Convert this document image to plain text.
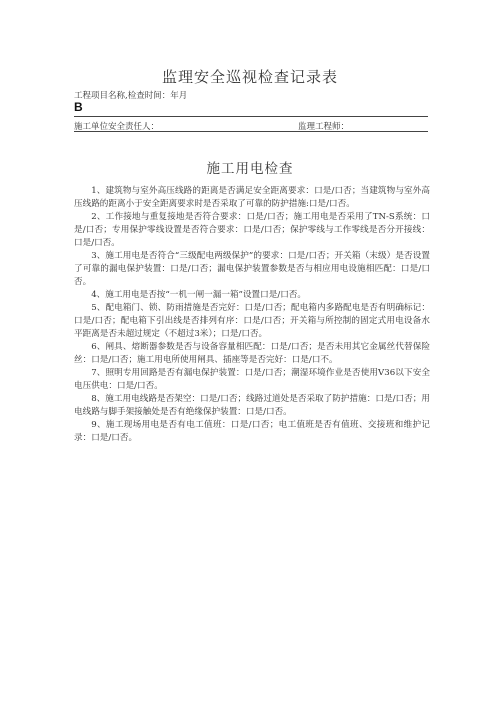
监理安全巡视检查记录表
工程项目名称,检查时间：年月
B
施工单位安全责任人：	监理工程师：
施工用电检查

1、建筑物与室外高压线路的距离是否满足安全距离要求：口是/口否；当建筑物与室外高压线路的距离小于安全距离要求时是否采取了可靠的防护措施:口是/口否。

2、工作接地与重复接地是否符合要求：口是/口否；施工用电是否采用了TN-S系统：口是/口否；专用保护零线设置是否符合要求：口是/口否；保护零线与工作零线是否分开接线：口是/口否。

3、施工用电是否符合“三级配电两级保护”的要求：口是/口否；开关箱（末级）是否设置了可靠的漏电保护装置：口是/口否；漏电保护装置参数是否与相应用电设施相匹配：口是/口否。

4、施工用电是否按“一机一闸一漏一箱”设置口是/口否。

5、配电箱门、锁、防雨措施是否完好：口是/口否；配电箱内多路配电是否有明确标记：口是/口否；配电箱下引出线是否排列有序：口是/口否；开关箱与所控制的固定式用电设备水平距离是否未超过规定（不超过3米）；口是/口否。

6、闸具、熔断器参数是否与设备容量相匹配：口是/口否；是否未用其它金属丝代替保险丝：口是/口否；施工用电所使用闸具、插座等是否完好：口是/口不。

7、照明专用回路是否有漏电保护装置：口是/口否；潮湿环境作业是否使用V36以下安全电压供电：口是/口否。

8、施工用电线路是否架空：口是/口否；线路过道处是否采取了防护措施：口是/口否；用电线路与脚手架接触处是否有绝缘保护装置：口是/口否。

9、施工现场用电是否有电工值班：口是/口否；电工值班是否有值班、交接班和维护记录：口是/口否。
